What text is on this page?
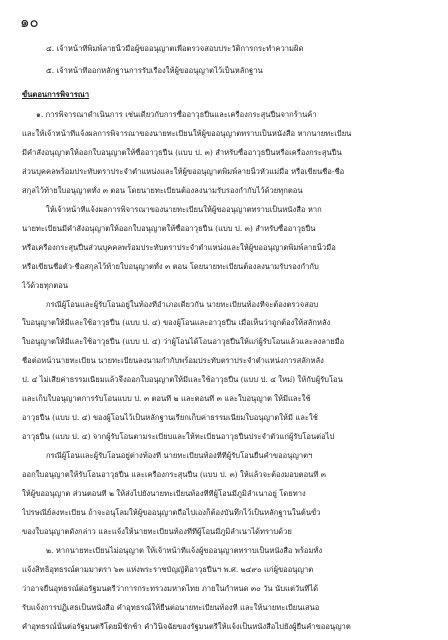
๑๐
๔. เจ้าหน้าที่พิมพ์ลายนิ้วมือผู้ขออนุญาตเพื่อตรวจสอบประวัติการกระทำความผิด
๕. เจ้าหน้าที่ออกหลักฐานการรับเรื่องให้ผู้ขออนุญาตไว้เป็นหลักฐาน
ขั้นตอนการพิจารณา
๑. การพิจารณาดำเนินการ เช่นเดียวกับการซื้ออาวุธปืนและเครื่องกระสุนปืนจากร้านค้า
และให้เจ้าหน้าที่แจ้งผลการพิจารณาของนายทะเบียนให้ผู้ขออนุญาตทราบเป็นหนังสือ หากนายทะเบียน
มีคำสั่งอนุญาตให้ออกใบอนุญาตให้ซื้ออาวุธปืน (แบบ ป. ๓) สำหรับซื้ออาวุธปืนหรือเครื่องกระสุนปืน
ส่วนบุคคลพร้อมประทับตราประจำตำแหน่งและให้ผู้ขออนุญาตพิมพ์ลายนิ้วหัวแม่มือ หรือเขียนชื่อ-ชื่อ
สกุลไว้ท้ายใบอนุญาตทั้ง ๓ ตอน โดยนายทะเบียนต้องลงนามรับรองกำกับไว้ด้วยทุกตอน
ให้เจ้าหน้าที่แจ้งผลการพิจารณาของนายทะเบียนให้ผู้ขออนุญาตทราบเป็นหนังสือ หาก
นายทะเบียนมีคำสั่งอนุญาตให้ออกใบอนุญาตให้ซื้ออาวุธปืน (แบบ ป. ๓) สำหรับซื้ออาวุธปืน
หรือเครื่องกระสุนปืนส่วนบุคคลพร้อมประทับตราประจำตำแหน่งและให้ผู้ขออนุญาตพิมพ์ลายนิ้วมือ
หรือเขียนชื่อตัว-ชื่อสกุลไว้ท้ายใบอนุญาตทั้ง ๓ ตอน โดยนายทะเบียนต้องลงนามรับรองกำกับ
ไว้ด้วยทุกตอน
กรณีผู้โอนและผู้รับโอนอยู่ในท้องที่อำเภอเดียวกัน นายทะเบียนท้องที่จะต้องตรวจสอบ
ใบอนุญาตให้มีและใช้อาวุธปืน (แบบ ป. ๔) ของผู้โอนและอาวุธปืน เมื่อเห็นว่าถูกต้องให้สลักหลัง
ใบอนุญาตให้มีและใช้อาวุธปืน (แบบ ป. ๔) ว่าผู้โอนได้โอนอาวุธปืนให้แก่ผู้รับโอนแล้วและลงลายมือ
ชื่อต่อหน้านายทะเบียน นายทะเบียนลงนามกำกับพร้อมประทับตราประจำตำแหน่งการสลักหลัง
ป. ๔ ไม่เสียค่าธรรมเนียมแล้วจึงออกใบอนุญาตให้มีและใช้อาวุธปืน (แบบ ป. ๔ ใหม่) ให้กับผู้รับโอน
และเก็บใบอนุญาตการรับโอนแบบ ป. ๓ ตอนที่ ๒ และตอนที่ ๓ และใบอนุญาต ให้มีและใช้
อาวุธปืน (แบบ ป. ๔) ของผู้โอนไว้เป็นหลักฐานเรียกเก็บค่าธรรมเนียมใบอนุญาตให้มี และใช้
อาวุธปืน (แบบ ป. ๔) จากผู้รับโอนตามระเบียบและให้ทะเบียนอาวุธปืนประจำตัวแก่ผู้รับโอนต่อไป
กรณีผู้โอนและผู้รับโอนอยู่ต่างท้องที่ นายทะเบียนท้องที่ที่ผู้รับโอนยื่นคำขออนุญาตฯ
ออกใบอนุญาตให้รับโอนอาวุธปืน และเครื่องกระสุนปืน (แบบ ป. ๓) ให้แล้วจะต้องมอบตอนที่ ๓
ให้ผู้ขออนุญาต ส่วนตอนที่ ๒ ให้ส่งไปยังนายทะเบียนท้องที่ที่ผู้โอนมีภูมิลำเนาอยู่ โดยทาง
ไปรษณีย์ลงทะเบียน ถ้าจะอนุโลมให้ผู้ขออนุญาตถือไปเองก็ต้องบันทึกไว้เป็นหลักฐานในต้นขั้ว
ของใบอนุญาตดังกล่าว และแจ้งให้นายทะเบียนท้องที่ที่ผู้โอนมีภูมิลำเนาได้ทราบด้วย
๒. หากนายทะเบียนไม่อนุญาต ให้เจ้าหน้าที่แจ้งผู้ขออนุญาตทราบเป็นหนังสือ พร้อมทั้ง
แจ้งสิทธิอุทธรณ์ตามมาตรา ๖๓ แห่งพระราชบัญญัติอาวุธปืนฯ พ.ศ. ๒๔๙๐ แก่ผู้ขออนุญาต
ว่าอาจยื่นอุทธรณ์ต่อรัฐมนตรีว่าการกระทรวงมหาดไทย ภายในกำหนด ๓๐ วัน นับแต่วันที่ได้
รับแจ้งการปฏิเสธเป็นหนังสือ คำอุทธรณ์ให้ยื่นต่อนายทะเบียนท้องที่ และให้นายทะเบียนเสนอ
คำอุทธรณ์นั้นต่อรัฐมนตรีโดยมิชักช้า คำวินิจฉัยของรัฐมนตรีให้แจ้งเป็นหนังสือไปยังผู้ยื่นคำขออนุญาต
